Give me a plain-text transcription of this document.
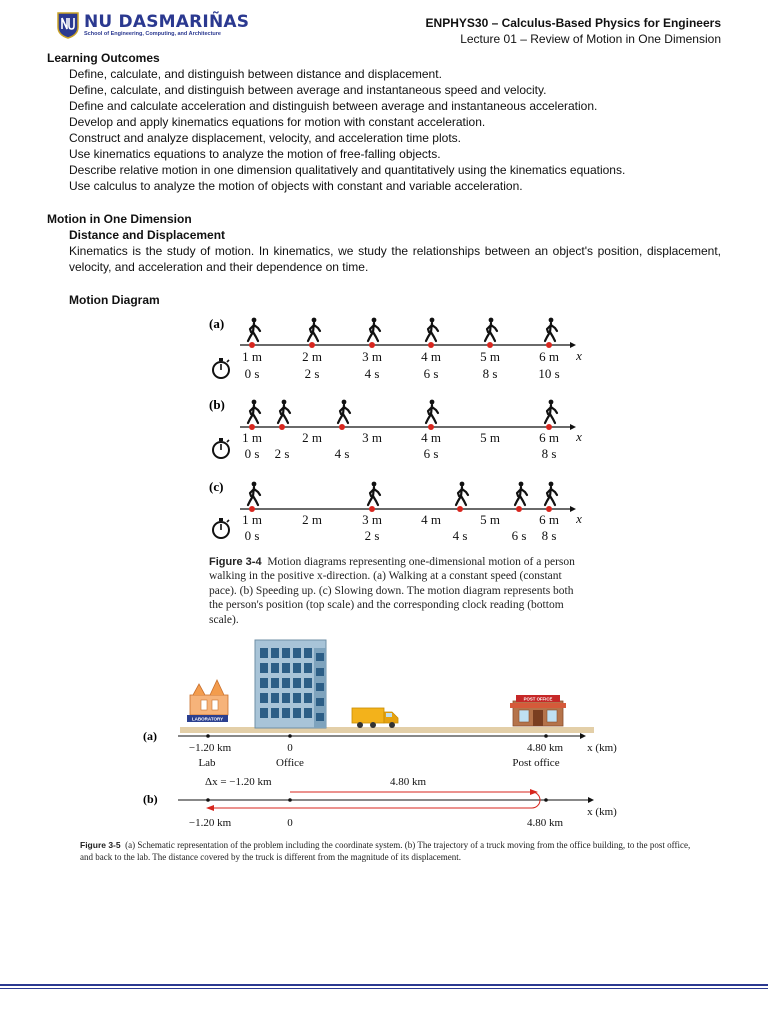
NU DASMARIÑAS
School of Engineering, Computing, and Architecture
ENPHYS30 – Calculus-Based Physics for Engineers
Lecture 01 – Review of Motion in One Dimension
Learning Outcomes
Define, calculate, and distinguish between distance and displacement.
Define, calculate, and distinguish between average and instantaneous speed and velocity.
Define and calculate acceleration and distinguish between average and instantaneous acceleration.
Develop and apply kinematics equations for motion with constant acceleration.
Construct and analyze displacement, velocity, and acceleration time plots.
Use kinematics equations to analyze the motion of free-falling objects.
Describe relative motion in one dimension qualitatively and quantitatively using the kinematics equations.
Use calculus to analyze the motion of objects with constant and variable acceleration.
Motion in One Dimension
Distance and Displacement
Kinematics is the study of motion. In kinematics, we study the relationships between an object's position, displacement, velocity, and acceleration and their dependence on time.
Motion Diagram
(a)
1 m	2 m	3 m	4 m	5 m	6 m x
0 s	2 s	4 s	6 s	8 s	10 s
(b)
1 m	2 m	3 m	4 m	5 m	6 m x
0 s 2 s	4 s	6 s	8 s
(c)
1 m	2 m	3 m	4 m	5 m	6 m x
0 s	2 s	4 s	6 s 8 s
LABORATORY
POST OFFICE
(a)
−1.20 km	0	4.80 km x (km)
Lab	Office	Post office
Δx = −1.20 km	4.80 km
(b)
x (km)
−1.20 km	0	4.80 km
Figure 3-4 Motion diagrams representing one-dimensional motion of a person walking in the positive x-direction. (a) Walking at a constant speed (constant pace). (b) Speeding up. (c) Slowing down. The motion diagram represents both the person's position (top scale) and the corresponding clock reading (bottom scale).
Figure 3-5 (a) Schematic representation of the problem including the coordinate system. (b) The trajectory of a truck moving from the office building, to the post office, and back to the lab. The distance covered by the truck is different from the magnitude of its displacement.
